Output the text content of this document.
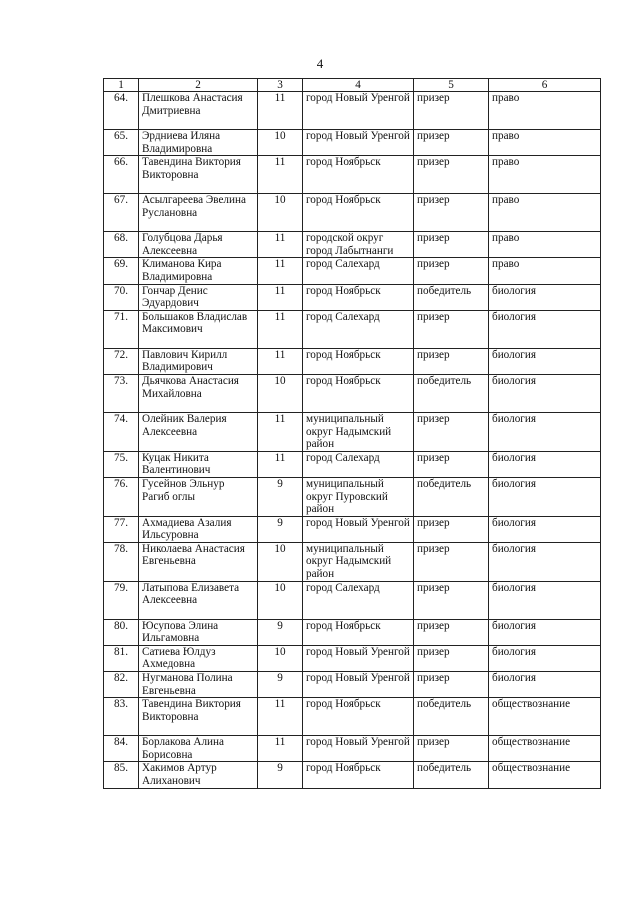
4
1	2	3	4	5	6
64.	Плешкова Анастасия Дмитриевна	11	город Новый Уренгой	призер	право
65.	Эрдниева Иляна Владимировна	10	город Новый Уренгой	призер	право
66.	Тавендина Виктория Викторовна	11	город Ноябрьск	призер	право
67.	Асылгареева Эвелина Руслановна	10	город Ноябрьск	призер	право
68.	Голубцова Дарья Алексеевна	11	городской округ город Лабытнанги	призер	право
69.	Климанова Кира Владимировна	11	город Салехард	призер	право
70.	Гончар Денис Эдуардович	11	город Ноябрьск	победитель	биология
71.	Большаков Владислав Максимович	11	город Салехард	призер	биология
72.	Павлович Кирилл Владимирович	11	город Ноябрьск	призер	биология
73.	Дьячкова Анастасия Михайловна	10	город Ноябрьск	победитель	биология
74.	Олейник Валерия Алексеевна	11	муниципальный округ Надымский район	призер	биология
75.	Куцак Никита Валентинович	11	город Салехард	призер	биология
76.	Гусейнов Эльнур Рагиб оглы	9	муниципальный округ Пуровский район	победитель	биология
77.	Ахмадиева Азалия Ильсуровна	9	город Новый Уренгой	призер	биология
78.	Николаева Анастасия Евгеньевна	10	муниципальный округ Надымский район	призер	биология
79.	Латыпова Елизавета Алексеевна	10	город Салехард	призер	биология
80.	Юсупова Элина Ильгамовна	9	город Ноябрьск	призер	биология
81.	Сатиева Юлдуз Ахмедовна	10	город Новый Уренгой	призер	биология
82.	Нугманова Полина Евгеньевна	9	город Новый Уренгой	призер	биология
83.	Тавендина Виктория Викторовна	11	город Ноябрьск	победитель	обществознание
84.	Борлакова Алина Борисовна	11	город Новый Уренгой	призер	обществознание
85.	Хакимов Артур Алиханович	9	город Ноябрьск	победитель	обществознание
